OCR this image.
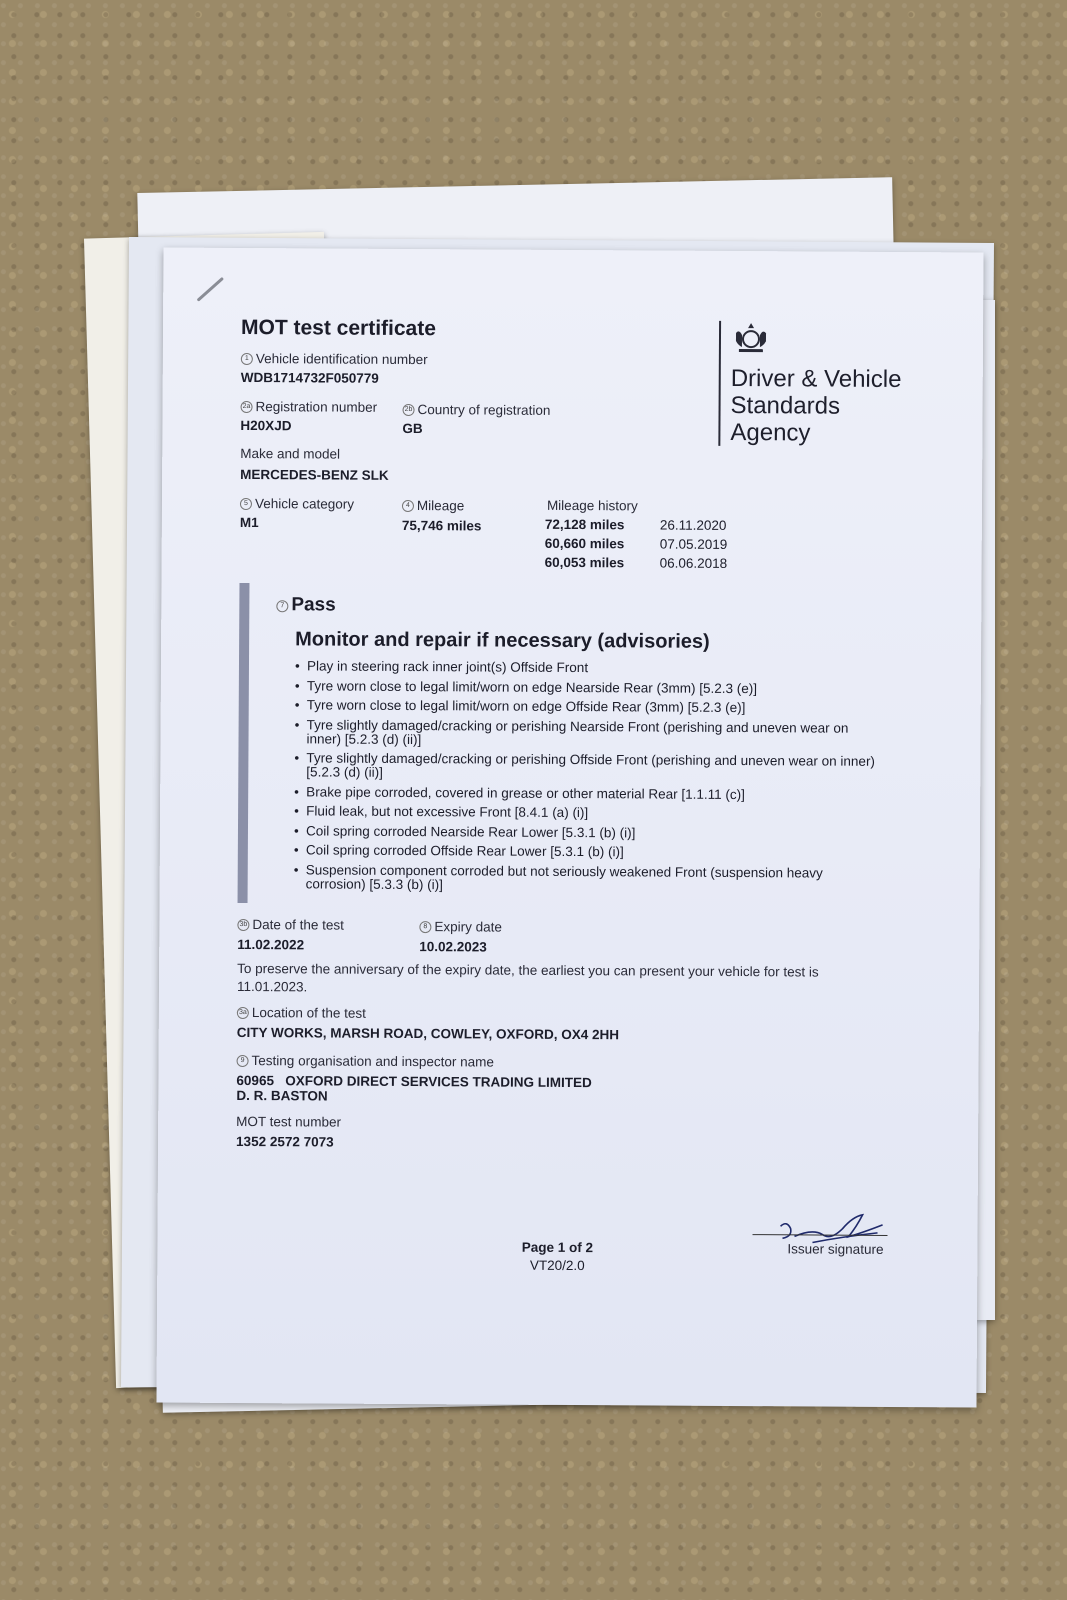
MOT test certificate
1 Vehicle identification number
WDB1714732F050779
2a Registration number
H20XJD
2b Country of registration
GB
Make and model
MERCEDES-BENZ SLK
5 Vehicle category
M1
4 Mileage
75,746 miles
Mileage history
72,128 miles	26.11.2020
60,660 miles	07.05.2019
60,053 miles	06.06.2018
Driver & Vehicle
Standards
Agency
7 Pass
Monitor and repair if necessary (advisories)
• Play in steering rack inner joint(s) Offside Front
• Tyre worn close to legal limit/worn on edge Nearside Rear (3mm) [5.2.3 (e)]
• Tyre worn close to legal limit/worn on edge Offside Rear (3mm) [5.2.3 (e)]
• Tyre slightly damaged/cracking or perishing Nearside Front (perishing and uneven wear on inner) [5.2.3 (d) (ii)]
• Tyre slightly damaged/cracking or perishing Offside Front (perishing and uneven wear on inner) [5.2.3 (d) (ii)]
• Brake pipe corroded, covered in grease or other material Rear [1.1.11 (c)]
• Fluid leak, but not excessive Front [8.4.1 (a) (i)]
• Coil spring corroded Nearside Rear Lower [5.3.1 (b) (i)]
• Coil spring corroded Offside Rear Lower [5.3.1 (b) (i)]
• Suspension component corroded but not seriously weakened Front (suspension heavy corrosion) [5.3.3 (b) (i)]
3b Date of the test
11.02.2022
8 Expiry date
10.02.2023
To preserve the anniversary of the expiry date, the earliest you can present your vehicle for test is 11.01.2023.
3a Location of the test
CITY WORKS, MARSH ROAD, COWLEY, OXFORD, OX4 2HH
9 Testing organisation and inspector name
60965   OXFORD DIRECT SERVICES TRADING LIMITED
D. R. BASTON
MOT test number
1352 2572 7073
Page 1 of 2
VT20/2.0
Issuer signature
